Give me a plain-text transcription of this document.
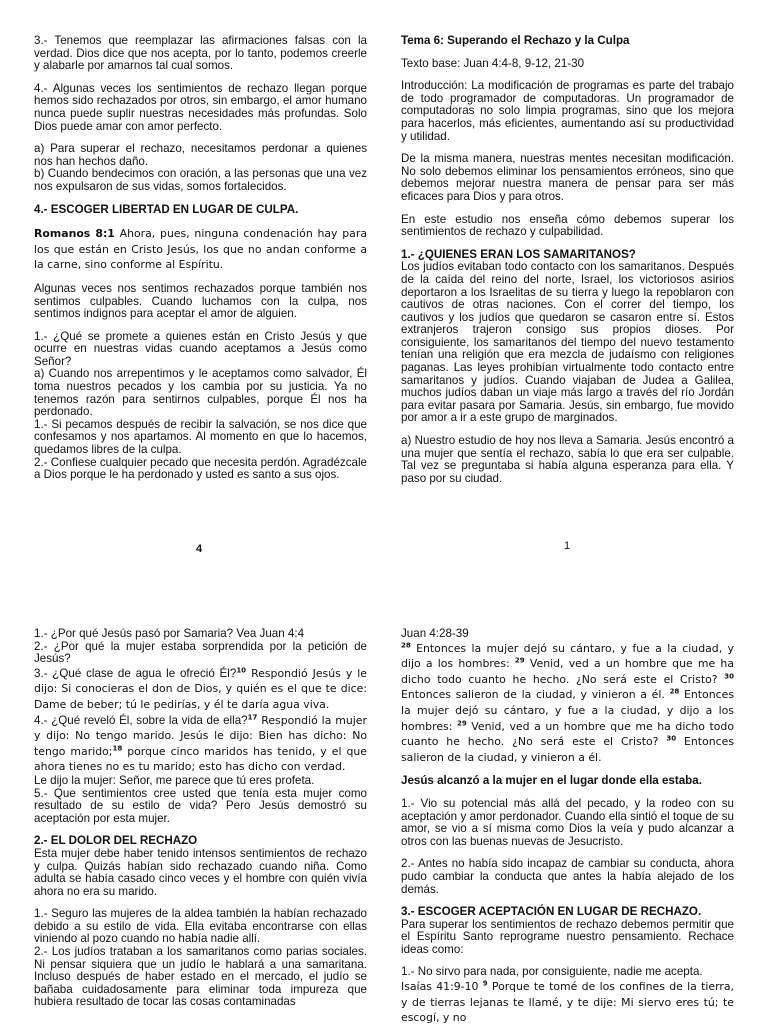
3.- Tenemos que reemplazar las afirmaciones falsas con la verdad. Dios dice que nos acepta, por lo tanto, podemos creerle y alabarle por amarnos tal cual somos.

4.- Algunas veces los sentimientos de rechazo llegan porque hemos sido rechazados por otros, sin embargo, el amor humano nunca puede suplir nuestras necesidades más profundas. Solo Dios puede amar con amor perfecto.

a) Para superar el rechazo, necesitamos perdonar a quienes nos han hechos daño.

b) Cuando bendecimos con oración, a las personas que una vez nos expulsaron de sus vidas, somos fortalecidos.

4.- ESCOGER LIBERTAD EN LUGAR DE CULPA.

Romanos 8:1 Ahora, pues, ninguna condenación hay para los que están en Cristo Jesús, los que no andan conforme a la carne, sino conforme al Espíritu.

Algunas veces nos sentimos rechazados porque también nos sentimos culpables. Cuando luchamos con la culpa, nos sentimos indignos para aceptar el amor de alguien.

1.- ¿Qué se promete a quienes están en Cristo Jesús y que ocurre en nuestras vidas cuando aceptamos a Jesús como Señor?

a) Cuando nos arrepentimos y le aceptamos como salvador, Él toma nuestros pecados y los cambia por su justicia. Ya no tenemos razón para sentirnos culpables, porque Él nos ha perdonado.

1.- Si pecamos después de recibir la salvación, se nos dice que confesamos y nos apartamos. Al momento en que lo hacemos, quedamos libres de la culpa.

2.- Confiese cualquier pecado que necesita perdón. Agradézcale a Dios porque le ha perdonado y usted es santo a sus ojos.

4

Tema 6: Superando el Rechazo y la Culpa

Texto base: Juan 4:4-8, 9-12, 21-30

Introducción: La modificación de programas es parte del trabajo de todo programador de computadoras. Un programador de computadoras no solo limpia programas, sino que los mejora para hacerlos, más eficientes, aumentando así su productividad y utilidad.

De la misma manera, nuestras mentes necesitan modificación. No solo debemos eliminar los pensamientos erróneos, sino que debemos mejorar nuestra manera de pensar para ser más eficaces para Dios y para otros.

En este estudio nos enseña cómo debemos superar los sentimientos de rechazo y culpabilidad.

1.- ¿QUIENES ERAN LOS SAMARITANOS?

Los judíos evitaban todo contacto con los samaritanos. Después de la caída del reino del norte, Israel, los victoriosos asirios deportaron a los Israelitas de su tierra y luego la repoblaron con cautivos de otras naciones. Con el correr del tiempo, los cautivos y los judíos que quedaron se casaron entre sí. Estos extranjeros trajeron consigo sus propios dioses. Por consiguiente, los samaritanos del tiempo del nuevo testamento tenían una religión que era mezcla de judaísmo con religiones paganas. Las leyes prohibían virtualmente todo contacto entre samaritanos y judíos. Cuando viajaban de Judea a Galilea, muchos judíos daban un viaje más largo a través del río Jordán para evitar pasara por Samaria. Jesús, sin embargo, fue movido por amor a ir a este grupo de marginados.

a) Nuestro estudio de hoy nos lleva a Samaria. Jesús encontró a una mujer que sentía el rechazo, sabía lo que era ser culpable. Tal vez se preguntaba si había alguna esperanza para ella. Y paso por su ciudad.

1

1.- ¿Por qué Jesús pasó por Samaria? Vea Juan 4:4

2.- ¿Por qué la mujer estaba sorprendida por la petición de Jesús?

3.- ¿Qué clase de agua le ofreció Él?$^{10}$ Respondió Jesús y le dijo: Si conocieras el don de Dios, y quién es el que te dice: Dame de beber; tú le pedirías, y él te daría agua viva.

4.- ¿Qué reveló Él, sobre la vida de ella?$^{17}$ Respondió la mujer y dijo: No tengo marido. Jesús le dijo: Bien has dicho: No tengo marido;$^{18}$ porque cinco maridos has tenido, y el que ahora tienes no es tu marido; esto has dicho con verdad.

Le dijo la mujer: Señor, me parece que tú eres profeta.

5.- Que sentimientos cree usted que tenía esta mujer como resultado de su estilo de vida? Pero Jesús demostró su aceptación por esta mujer.

2.- EL DOLOR DEL RECHAZO

Esta mujer debe haber tenido intensos sentimientos de rechazo y culpa. Quizás habían sido rechazado cuando niña. Como adulta se había casado cinco veces y el hombre con quién vivía ahora no era su marido.

1.- Seguro las mujeres de la aldea también la habían rechazado debido a su estilo de vida. Ella evitaba encontrarse con ellas viniendo al pozo cuando no había nadie allí.

2.- Los judíos trataban a los samaritanos como parias sociales. Ni pensar siquiera que un judío le hablará a una samaritana. Incluso después de haber estado en el mercado, el judío se bañaba cuidadosamente para eliminar toda impureza que hubiera resultado de tocar las cosas contaminadas

Juan 4:28-39

$^{28}$ Entonces la mujer dejó su cántaro, y fue a la ciudad, y dijo a los hombres: $^{29}$ Venid, ved a un hombre que me ha dicho todo cuanto he hecho. ¿No será este el Cristo? $^{30}$ Entonces salieron de la ciudad, y vinieron a él. $^{28}$ Entonces la mujer dejó su cántaro, y fue a la ciudad, y dijo a los hombres: $^{29}$ Venid, ved a un hombre que me ha dicho todo cuanto he hecho. ¿No será este el Cristo? $^{30}$ Entonces salieron de la ciudad, y vinieron a él.

Jesús alcanzó a la mujer en el lugar donde ella estaba.

1.- Vio su potencial más allá del pecado, y la rodeo con su aceptación y amor perdonador. Cuando ella sintió el toque de su amor, se vio a sí misma como Dios la veía y pudo alcanzar a otros con las buenas nuevas de Jesucristo.

2.- Antes no había sido incapaz de cambiar su conducta, ahora pudo cambiar la conducta que antes la había alejado de los demás.

3.- ESCOGER ACEPTACIÓN EN LUGAR DE RECHAZO.

Para superar los sentimientos de rechazo debemos permitir que el Espíritu Santo reprograme nuestro pensamiento. Rechace ideas como:

1.- No sirvo para nada, por consiguiente, nadie me acepta.

Isaías 41:9-10 $^9$ Porque te tomé de los confines de la tierra, y de tierras lejanas te llamé, y te dije: Mi siervo eres tú; te escogí, y no
